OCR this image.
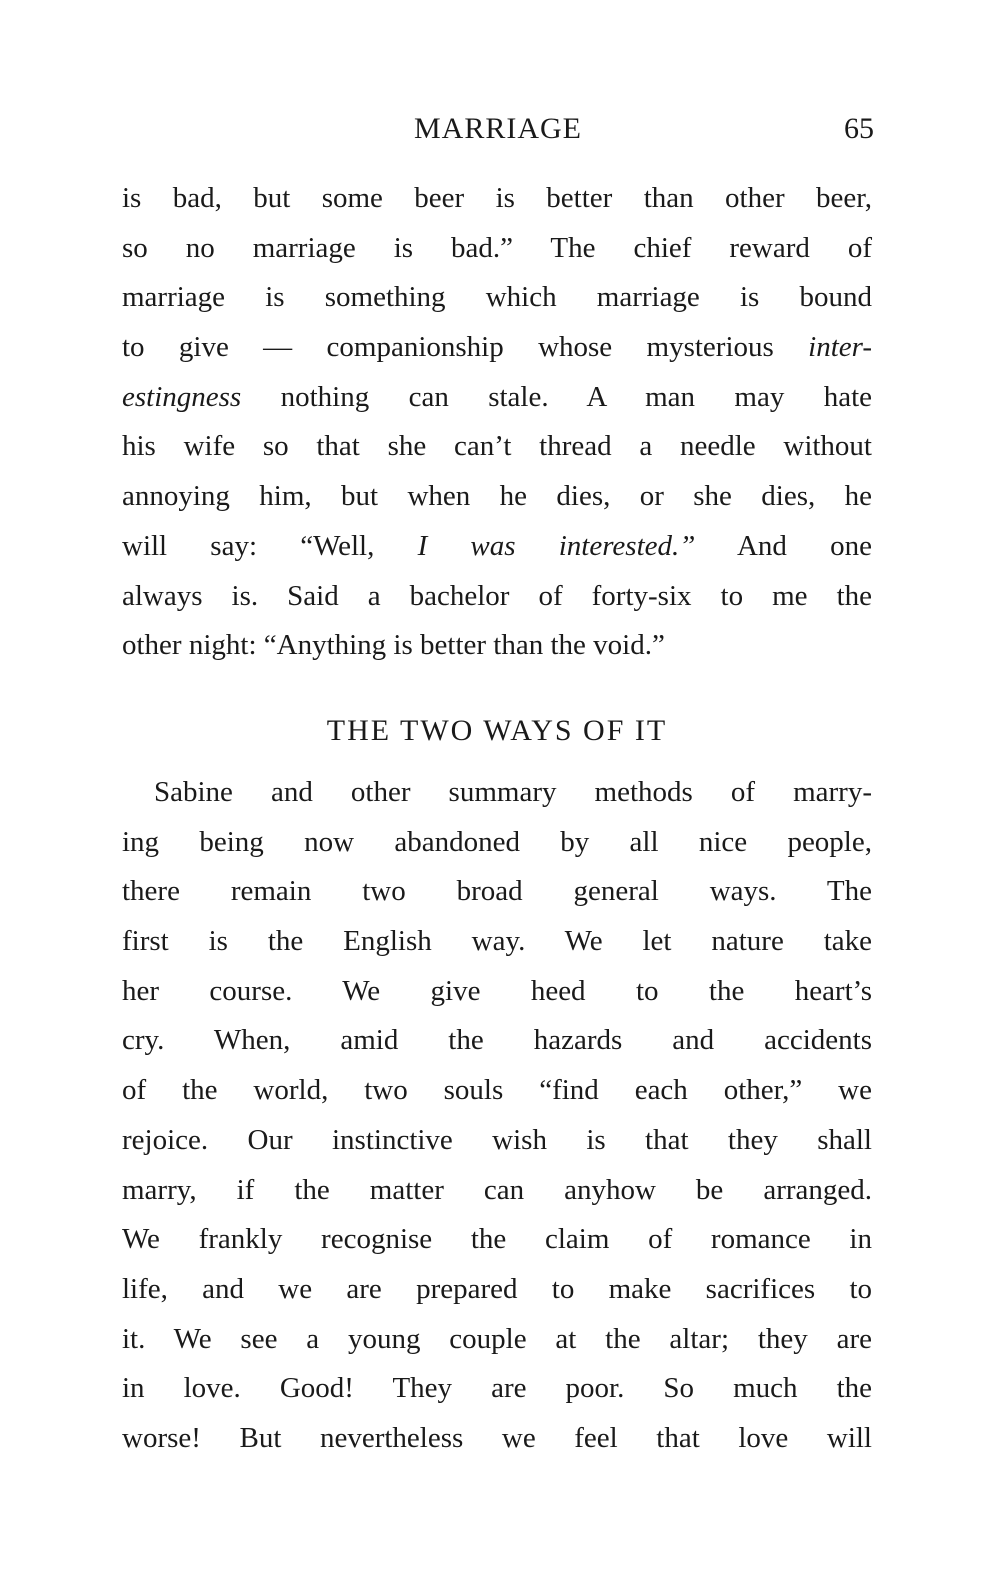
MARRIAGE	65
is bad, but some beer is better than other beer,
so no marriage is bad.” The chief reward of
marriage is something which marriage is bound
to give — companionship whose mysterious inter-
estingness nothing can stale. A man may hate
his wife so that she can’t thread a needle without
annoying him, but when he dies, or she dies, he
will say: “Well, I was interested.” And one
always is. Said a bachelor of forty-six to me the
other night: “Anything is better than the void.”
THE TWO WAYS OF IT
Sabine and other summary methods of marry-
ing being now abandoned by all nice people,
there remain two broad general ways. The
first is the English way. We let nature take
her course. We give heed to the heart’s
cry. When, amid the hazards and accidents
of the world, two souls “find each other,” we
rejoice. Our instinctive wish is that they shall
marry, if the matter can anyhow be arranged.
We frankly recognise the claim of romance in
life, and we are prepared to make sacrifices to
it. We see a young couple at the altar; they are
in love. Good! They are poor. So much the
worse! But nevertheless we feel that love will
